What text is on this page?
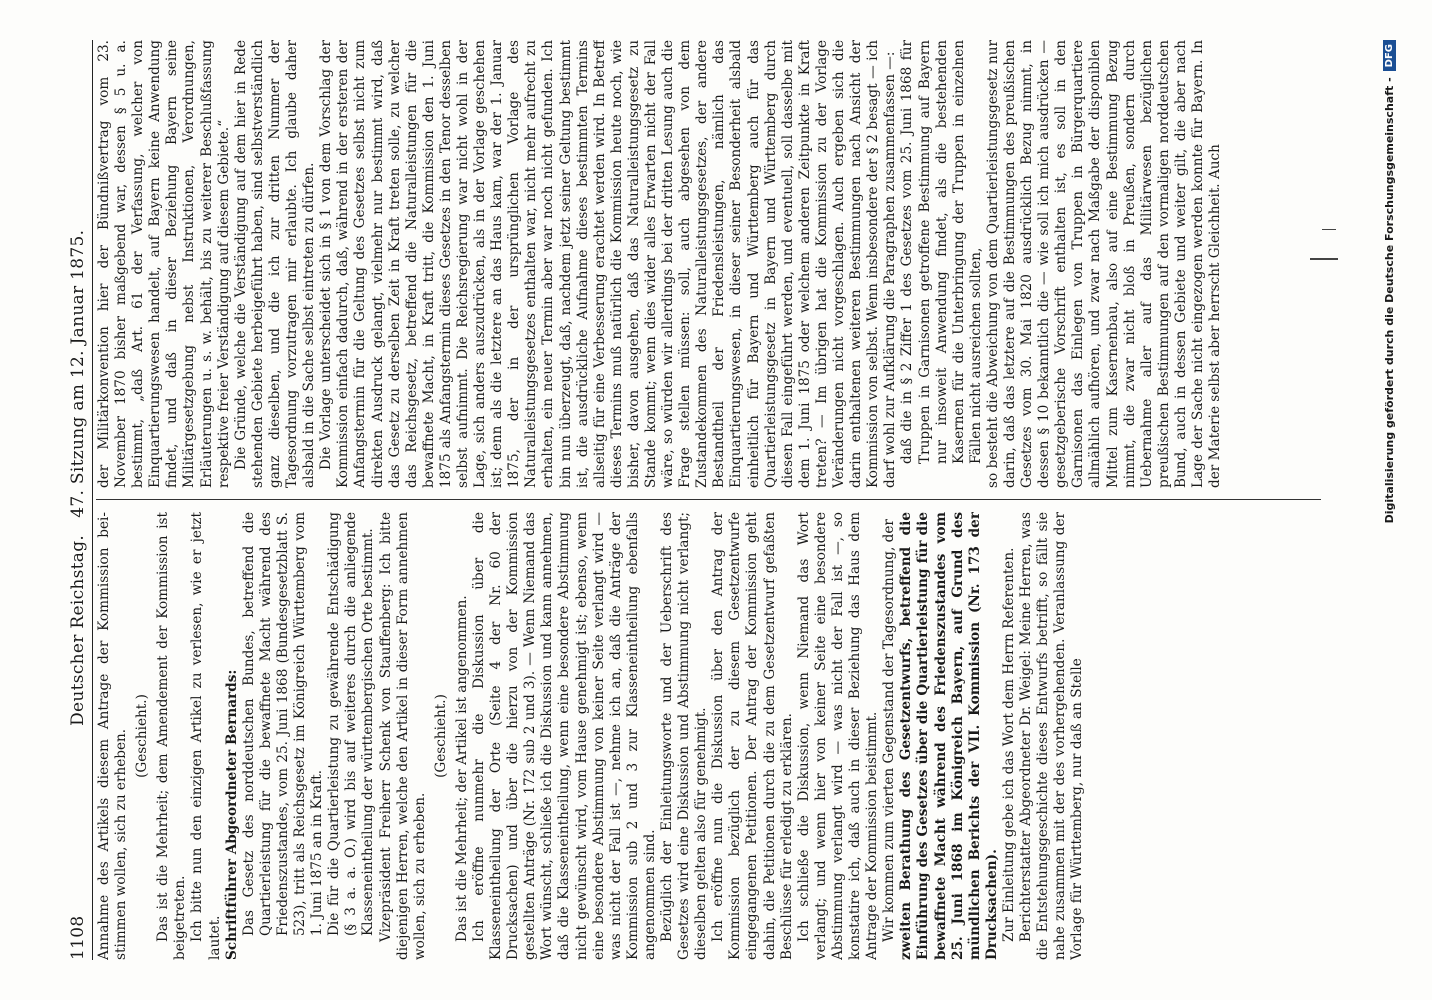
1108
Deutscher Reichstag.   47. Sitzung am 12. Januar 1875.

Annahme des Artikels diesem Antrage der Kommission bei-stimmen wollen, sich zu erheben. (Geschieht.) Das ist die Mehrheit; dem Amendement der Kommission ist beigetreten. Ich bitte nun den einzigen Artikel zu verlesen, wie er jetzt lautet. Schriftführer Abgeordneter Bernards: Das Gesetz des norddeutschen Bundes, betreffend die Quartierleistung für die bewaffnete Macht während des Friedenszustandes, vom 25. Juni 1868 (Bundesgesetzblatt S. 523), tritt als Reichsgesetz im Königreich Württemberg vom 1. Juni 1875 an in Kraft. Die für die Quartierleistung zu gewährende Entschädigung (§ 3 a. a. O.) wird bis auf weiteres durch die anliegende Klasseneintheilung der württembergischen Orte bestimmt. Vizepräsident Freiherr Schenk von Stauffenberg: Ich bitte diejenigen Herren, welche den Artikel in dieser Form annehmen wollen, sich zu erheben.

(Geschieht.) Das ist die Mehrheit; der Artikel ist angenommen. Ich eröffne nunmehr die Diskussion über die Klasseneintheilung der Orte (Seite 4 der Nr. 60 der Drucksachen) und über die hierzu von der Kommission gestellten Anträge (Nr. 172 sub 2 und 3). — Wenn Niemand das Wort wünscht, schließe ich die Diskussion und kann annehmen, daß die Klasseneintheilung, wenn eine besondere Abstimmung nicht gewünscht wird, vom Hause genehmigt ist; ebenso, wenn eine besondere Abstimmung von keiner Seite verlangt wird — was nicht der Fall ist —, nehme ich an, daß die Anträge der Kommission sub 2 und 3 zur Klasseneintheilung ebenfalls angenommen sind. Bezüglich der Einleitungsworte und der Ueberschrift des Gesetzes wird eine Diskussion und Abstimmung nicht verlangt; dieselben gelten also für genehmigt. Ich eröffne nun die Diskussion über den Antrag der Kommission bezüglich der zu diesem Gesetzentwurfe eingegangenen Petitionen. Der Antrag der Kommission geht dahin, die Petitionen durch die zu dem Gesetzentwurf gefaßten Beschlüsse für erledigt zu erklären. Ich schließe die Diskussion, wenn Niemand das Wort verlangt; und wenn hier von keiner Seite eine besondere Abstimmung verlangt wird — was nicht der Fall ist —, so konstatire ich, daß auch in dieser Beziehung das Haus dem Antrage der Kommission beistimmt. Wir kommen zum vierten Gegenstand der Tagesordnung, der zweiten Berathung des Gesetzentwurfs, betreffend die Einführung des Gesetzes über die Quartierleistung für die bewaffnete Macht während des Friedenszustandes vom 25. Juni 1868 im Königreich Bayern, auf Grund des mündlichen Berichts der VII. Kommission (Nr. 173 der Drucksachen). Zur Einleitung gebe ich das Wort dem Herrn Referenten. Berichterstatter Abgeordneter Dr. Weigel: Meine Herren, was die Entstehungsgeschichte dieses Entwurfs betrifft, so fällt sie nahe zusammen mit der des vorhergehenden. Veranlassung der Vorlage für Württemberg, nur daß an Stelle

der Militärkonvention hier der Bündnißvertrag vom 23. November 1870 bisher maßgebend war, dessen § 5 u. a. bestimmt, „daß Art. 61 der Verfassung, welcher von Einquartierungswesen handelt, auf Bayern keine Anwendung findet, und daß in dieser Beziehung Bayern seine Militärgesetzgebung nebst Instruktionen, Verordnungen, Erläuterungen u. s. w. behält, bis zu weiterer Beschlußfassung respektive freier Verständigung auf diesem Gebiete.“ Die Gründe, welche die Verständigung auf dem hier in Rede stehenden Gebiete herbeigeführt haben, sind selbstverständlich ganz dieselben, und die ich zur dritten Nummer der Tagesordnung vorzutragen mir erlaubte. Ich glaube daher alsbald in die Sache selbst eintreten zu dürfen. Die Vorlage unterscheidet sich in § 1 von dem Vorschlag der Kommission einfach dadurch, daß, während in der ersteren der Anfangstermin für die Geltung des Gesetzes selbst nicht zum direkten Ausdruck gelangt, vielmehr nur bestimmt wird, daß das Gesetz zu derselben Zeit in Kraft treten solle, zu welcher das Reichsgesetz, betreffend die Naturalleistungen für die bewaffnete Macht, in Kraft tritt, die Kommission den 1. Juni 1875 als Anfangstermin dieses Gesetzes in den Tenor desselben selbst aufnimmt. Die Reichsregierung war nicht wohl in der Lage, sich anders auszudrücken, als in der Vorlage geschehen ist; denn als die letztere an das Haus kam, war der 1. Januar 1875, der in der ursprünglichen Vorlage des Naturalleistungsgesetzes enthalten war, nicht mehr aufrecht zu erhalten, ein neuer Termin aber war noch nicht gefunden. Ich bin nun überzeugt, daß, nachdem jetzt seiner Geltung bestimmt ist, die ausdrückliche Aufnahme dieses bestimmten Termins allseitig für eine Verbesserung erachtet werden wird. In Betreff dieses Termins muß natürlich die Kommission heute noch, wie bisher, davon ausgehen, daß das Naturalleistungsgesetz zu Stande kommt; wenn dies wider alles Erwarten nicht der Fall wäre, so würden wir allerdings bei der dritten Lesung auch die Frage stellen müssen: soll, auch abgesehen von dem Zustandekommen des Naturalleistungsgesetzes, der andere Bestandtheil der Friedensleistungen, nämlich das Einquartierungswesen, in dieser seiner Besonderheit alsbald einheitlich für Bayern und Württemberg auch für das Quartierleistungsgesetz in Bayern und Württemberg durch diesen Fall eingeführt werden, und eventuell, soll dasselbe mit dem 1. Juni 1875 oder welchem anderen Zeitpunkte in Kraft treten? — Im übrigen hat die Kommission zu der Vorlage Veränderungen nicht vorgeschlagen. Auch ergeben sich die darin enthaltenen weiteren Bestimmungen nach Ansicht der Kommission von selbst. Wenn insbesondere der § 2 besagt — ich darf wohl zur Aufklärung die Paragraphen zusammenfassen —: daß die in § 2 Ziffer 1 des Gesetzes vom 25. Juni 1868 für Truppen in Garnisonen getroffene Bestimmung auf Bayern nur insoweit Anwendung findet, als die bestehenden Kasernen für die Unterbringung der Truppen in einzelnen Fällen nicht ausreichen sollten, so besteht die Abweichung von dem Quartierleistungsgesetz nur darin, daß das letztere auf die Bestimmungen des preußischen Gesetzes vom 30. Mai 1820 ausdrücklich Bezug nimmt, in dessen § 10 bekanntlich die — wie soll ich mich ausdrücken — gesetzgeberische Vorschrift enthalten ist, es soll in den Garnisonen das Einlegen von Truppen in Bürgerquartiere allmählich aufhören, und zwar nach Maßgabe der disponiblen Mittel zum Kasernenbau, also auf eine Bestimmung Bezug nimmt, die zwar nicht bloß in Preußen, sondern durch Uebernahme aller auf das Militärwesen bezüglichen preußischen Bestimmungen auf den vormaligen norddeutschen Bund, auch in dessen Gebiete und weiter gilt, die aber nach Lage der Sache nicht eingezogen werden konnte für Bayern. In der Materie selbst aber herrscht Gleichheit. Auch	Digitalisierung gefördert durch die Deutsche Forschungsgemeinschaft -
DFG
